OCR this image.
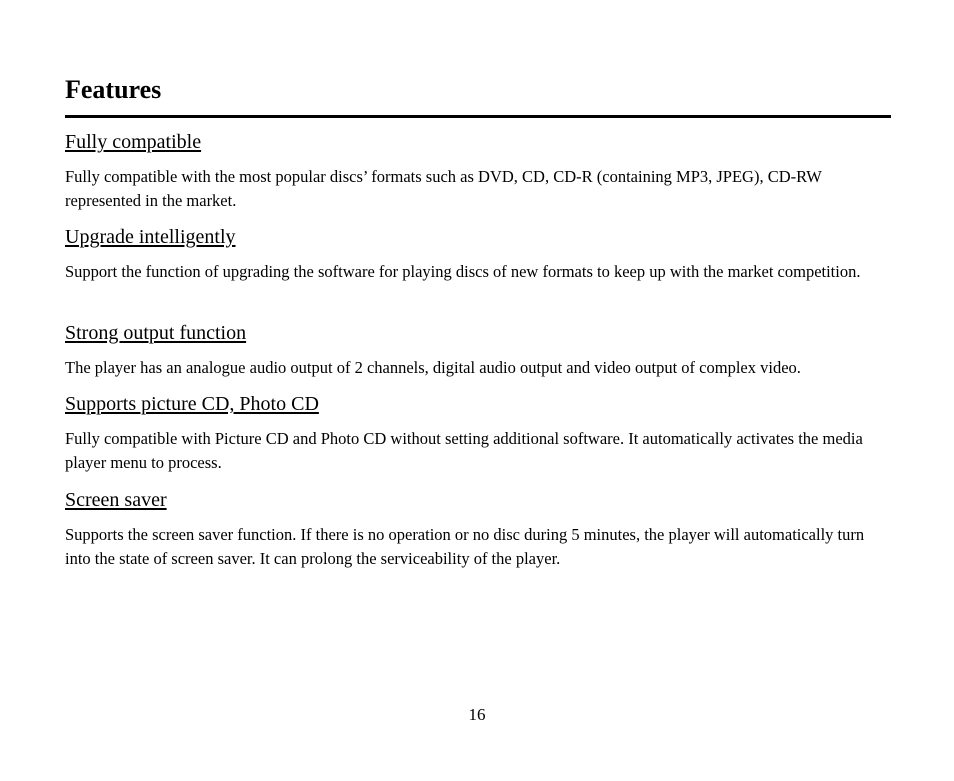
Features
Fully compatible

Fully compatible with the most popular discs’ formats such as DVD, CD, CD-R (containing MP3, JPEG), CD-RW represented in the market.

Upgrade intelligently

Support the function of upgrading the software for playing discs of new formats to keep up with the market competition.

Strong output function

The player has an analogue audio output of 2 channels, digital audio output and video output of complex video.

Supports picture CD, Photo CD

Fully compatible with Picture CD and Photo CD without setting additional software. It automatically activates the media player menu to process.

Screen saver

Supports the screen saver function. If there is no operation or no disc during 5 minutes, the player will automatically turn into the state of screen saver. It can prolong the serviceability of the player.

16
